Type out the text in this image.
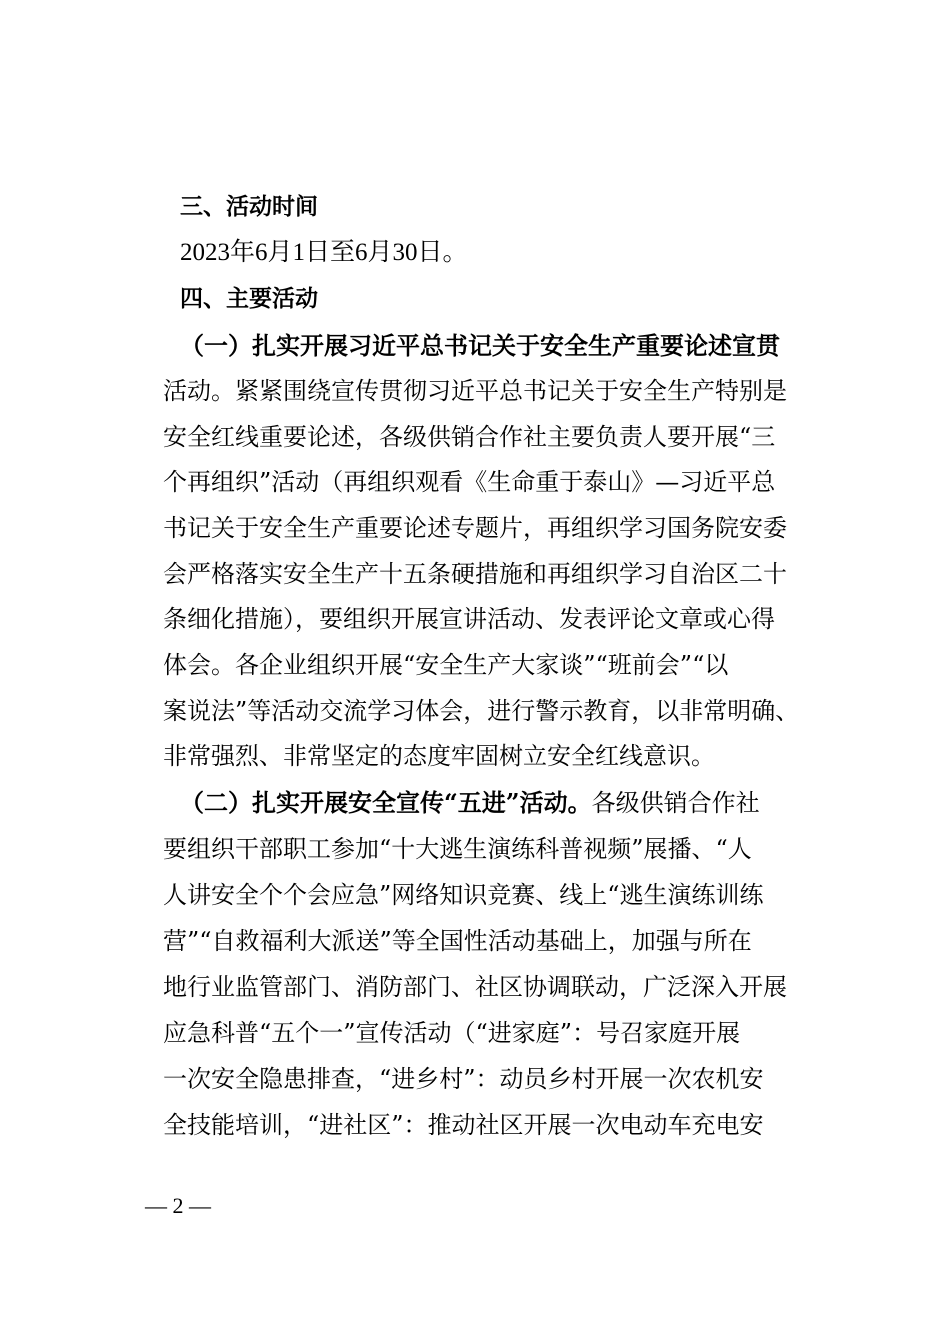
三、活动时间
2023年6月1日至6月30日。
四、主要活动
（一）扎实开展习近平总书记关于安全生产重要论述宣贯
活动。紧紧围绕宣传贯彻习近平总书记关于安全生产特别是
安全红线重要论述，各级供销合作社主要负责人要开展“三
个再组织”活动（再组织观看《生命重于泰山》—习近平总
书记关于安全生产重要论述专题片，再组织学习国务院安委
会严格落实安全生产十五条硬措施和再组织学习自治区二十
条细化措施），要组织开展宣讲活动、发表评论文章或心得
体会。各企业组织开展“安全生产大家谈”“班前会”“以
案说法”等活动交流学习体会，进行警示教育，以非常明确、
非常强烈、非常坚定的态度牢固树立安全红线意识。
（二）扎实开展安全宣传“五进”活动。各级供销合作社
要组织干部职工参加“十大逃生演练科普视频”展播、“人
人讲安全个个会应急”网络知识竞赛、线上“逃生演练训练
营”“自救福利大派送”等全国性活动基础上，加强与所在
地行业监管部门、消防部门、社区协调联动，广泛深入开展
应急科普“五个一”宣传活动（“进家庭”：号召家庭开展
一次安全隐患排查，“进乡村”：动员乡村开展一次农机安
全技能培训，“进社区”：推动社区开展一次电动车充电安
— 2 —
